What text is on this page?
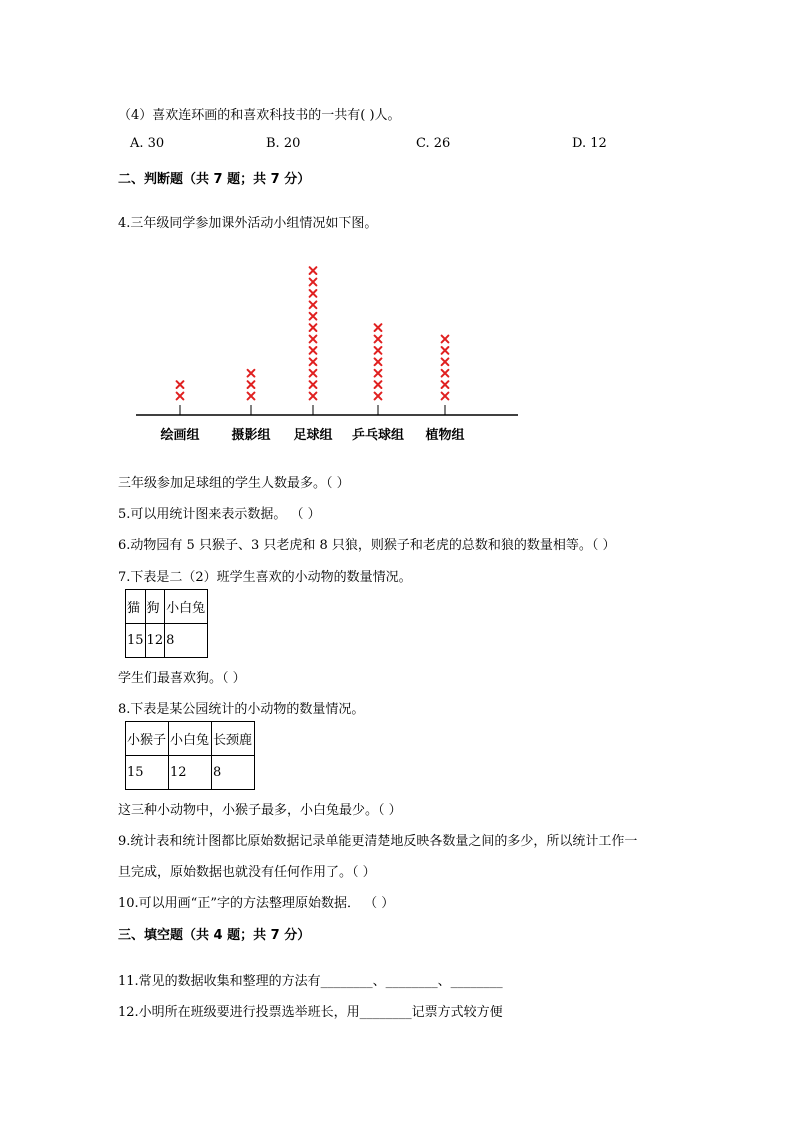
（4）喜欢连环画的和喜欢科技书的一共有( )人。
A. 30	B. 20	C. 26	D. 12
二、判断题（共 7 题；共 7 分）
4.三年级同学参加课外活动小组情况如下图。
绘画组 摄影组 足球组 乒乓球组 植物组
三年级参加足球组的学生人数最多。（ ）
5.可以用统计图来表示数据。 （ ）
6.动物园有 5 只猴子、3 只老虎和 8 只狼，则猴子和老虎的总数和狼的数量相等。（ ）
7.下表是二（2）班学生喜欢的小动物的数量情况。
猫	狗	小白兔
15	12	8
学生们最喜欢狗。（ ）
8.下表是某公园统计的小动物的数量情况。
小猴子	小白兔	长颈鹿
15	12	8
这三种小动物中，小猴子最多，小白兔最少。（ ）
9.统计表和统计图都比原始数据记录单能更清楚地反映各数量之间的多少，所以统计工作一
旦完成，原始数据也就没有任何作用了。（ ）
10.可以用画“正”字的方法整理原始数据． （ ）
三、填空题（共 4 题；共 7 分）
11.常见的数据收集和整理的方法有________、________、________
12.小明所在班级要进行投票选举班长，用________记票方式较方便
